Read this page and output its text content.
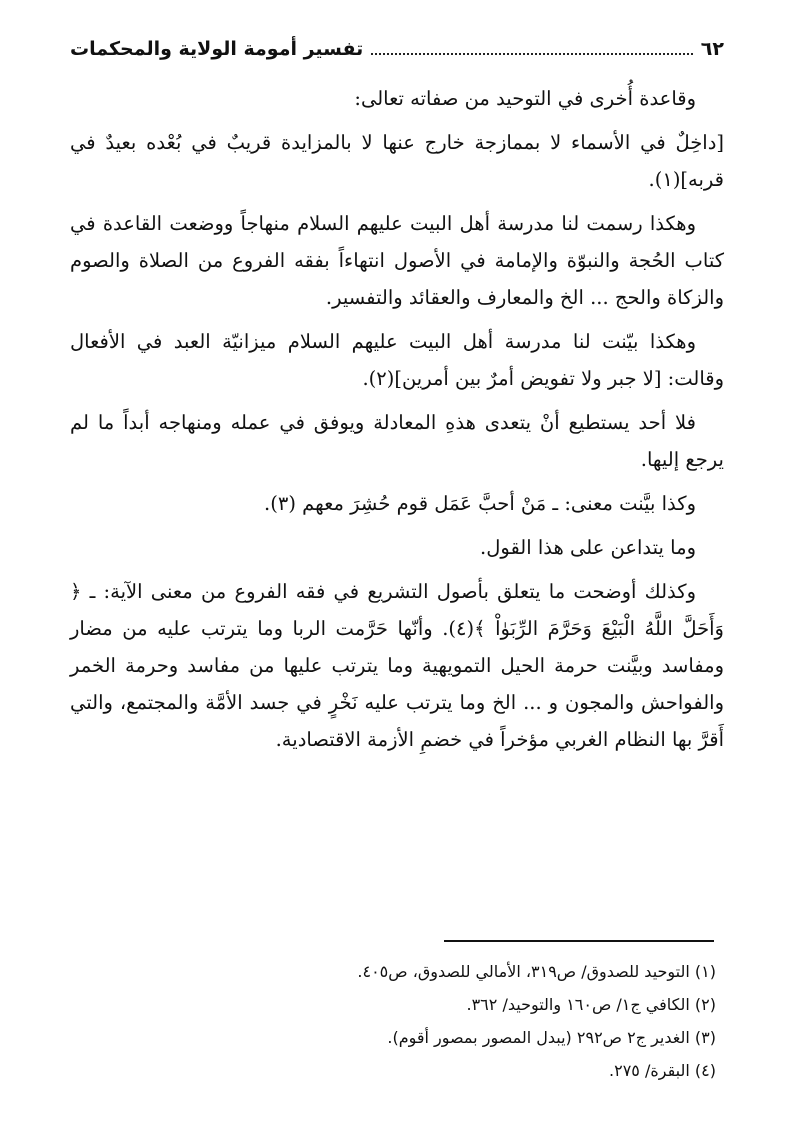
٦٢
تفسير أمومة الولاية والمحكمات

وقاعدة أُخرى في التوحيد من صفاته تعالى:

[داخِلٌ في الأسماء لا بممازجة خارج عنها لا بالمزايدة قريبٌ في بُعْده بعيدٌ في قربه](١).

وهكذا رسمت لنا مدرسة أهل البيت عليهم السلام منهاجاً ووضعت القاعدة في كتاب الحُجة والنبوّة والإمامة في الأصول انتهاءاً بفقه الفروع من الصلاة والصوم والزكاة والحج ... الخ والمعارف والعقائد والتفسير.

وهكذا بيّنت لنا مدرسة أهل البيت عليهم السلام ميزانيّة العبد في الأفعال وقالت: [لا جبر ولا تفويض أمرٌ بين أمرين](٢).

فلا أحد يستطيع أنْ يتعدى هذهِ المعادلة ويوفق في عمله ومنهاجه أبداً ما لم يرجع إليها.

وكذا بيَّنت معنى: ـ مَنْ أحبَّ عَمَل قوم حُشِرَ معهم (٣).

وما يتداعن على هذا القول.

وكذلك أوضحت ما يتعلق بأصول التشريع في فقه الفروع من معنى الآية: ـ ﴿ وَأَحَلَّ اللَّهُ الْبَيْعَ وَحَرَّمَ الرِّبَوٰاْ ﴾(٤). وأنّها حَرَّمت الربا وما يترتب عليه من مضار ومفاسد وبيَّنت حرمة الحيل التمويهية وما يترتب عليها من مفاسد وحرمة الخمر والفواحش والمجون و ... الخ وما يترتب عليه نَخْرٍ في جسد الأمَّة والمجتمع، والتي أَقرَّ بها النظام الغربي مؤخراً في خضمِ الأزمة الاقتصادية.

(١) التوحيد للصدوق/ ص٣١٩، الأمالي للصدوق، ص٤٠٥.

(٢) الكافي ج١/ ص١٦٠ والتوحيد/ ٣٦٢.

(٣) الغدير ج٢ ص٢٩٢ (يبدل المصور بمصور أقوم).

(٤) البقرة/ ٢٧٥.
